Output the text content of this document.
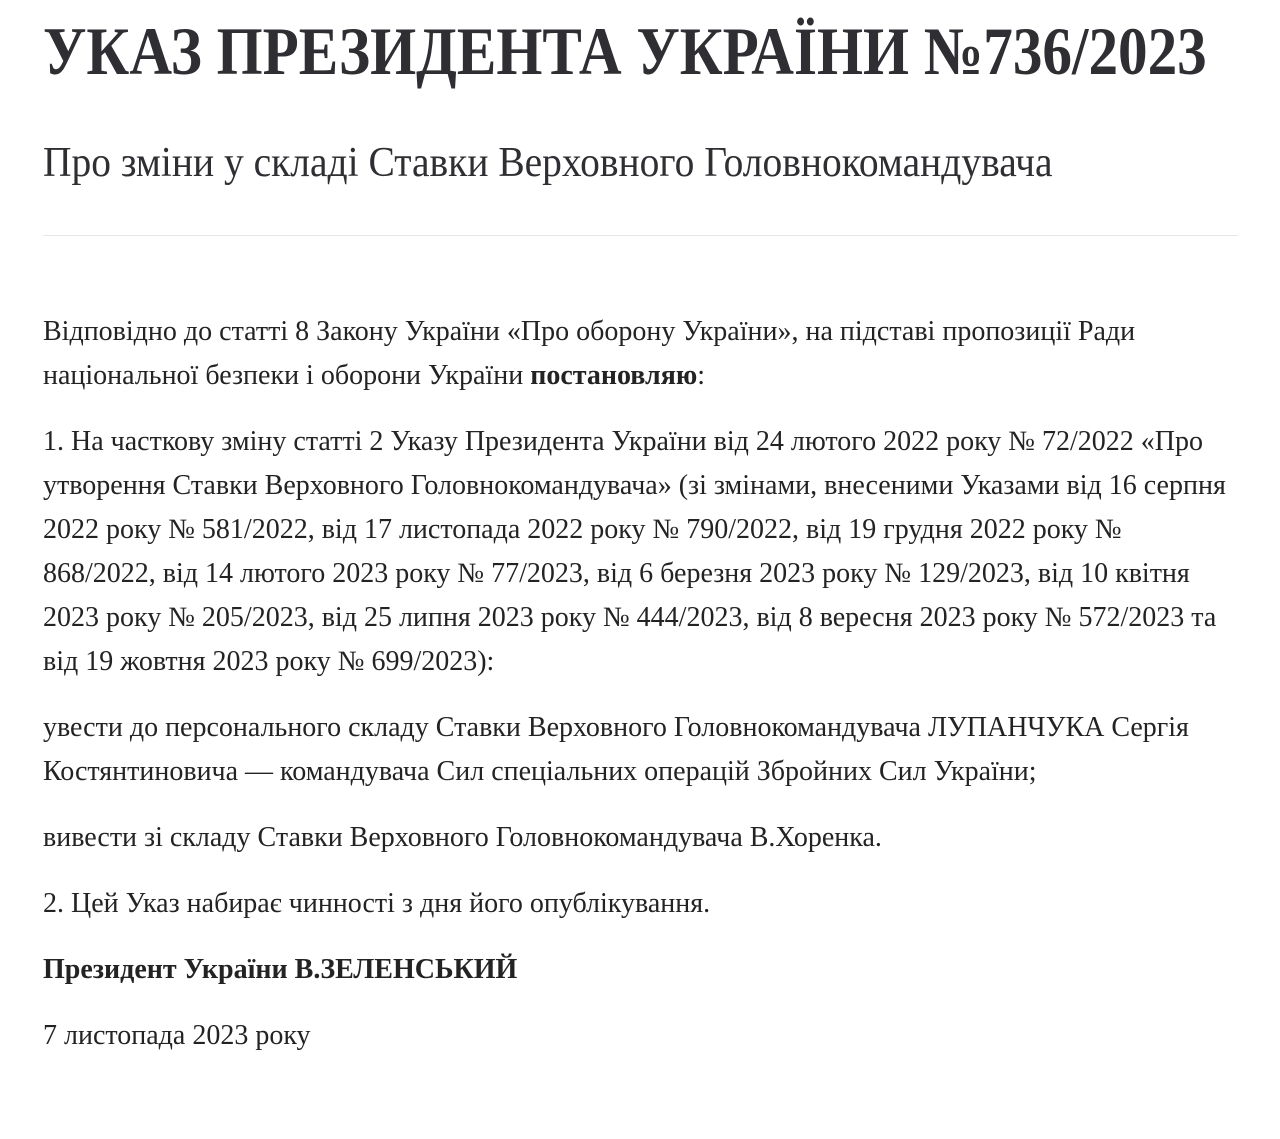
УКАЗ ПРЕЗИДЕНТА УКРАЇНИ №736/2023
Про зміни у складі Ставки Верховного Головнокомандувача

Відповідно до статті 8 Закону України «Про оборону України», на підставі пропозиції Ради національної безпеки і оборони України постановляю:

1. На часткову зміну статті 2 Указу Президента України від 24 лютого 2022 року № 72/2022 «Про утворення Ставки Верховного Головнокомандувача» (зі змінами, внесеними Указами від 16 серпня 2022 року № 581/2022, від 17 листопада 2022 року № 790/2022, від 19 грудня 2022 року № 868/2022, від 14 лютого 2023 року № 77/2023, від 6 березня 2023 року № 129/2023, від 10 квітня 2023 року № 205/2023, від 25 липня 2023 року № 444/2023, від 8 вересня 2023 року № 572/2023 та від 19 жовтня 2023 року № 699/2023):

увести до персонального складу Ставки Верховного Головнокомандувача ЛУПАНЧУКА Сергія Костянтиновича — командувача Сил спеціальних операцій Збройних Сил України;

вивести зі складу Ставки Верховного Головнокомандувача В.Хоренка.

2. Цей Указ набирає чинності з дня його опублікування.

Президент України В.ЗЕЛЕНСЬКИЙ

7 листопада 2023 року
